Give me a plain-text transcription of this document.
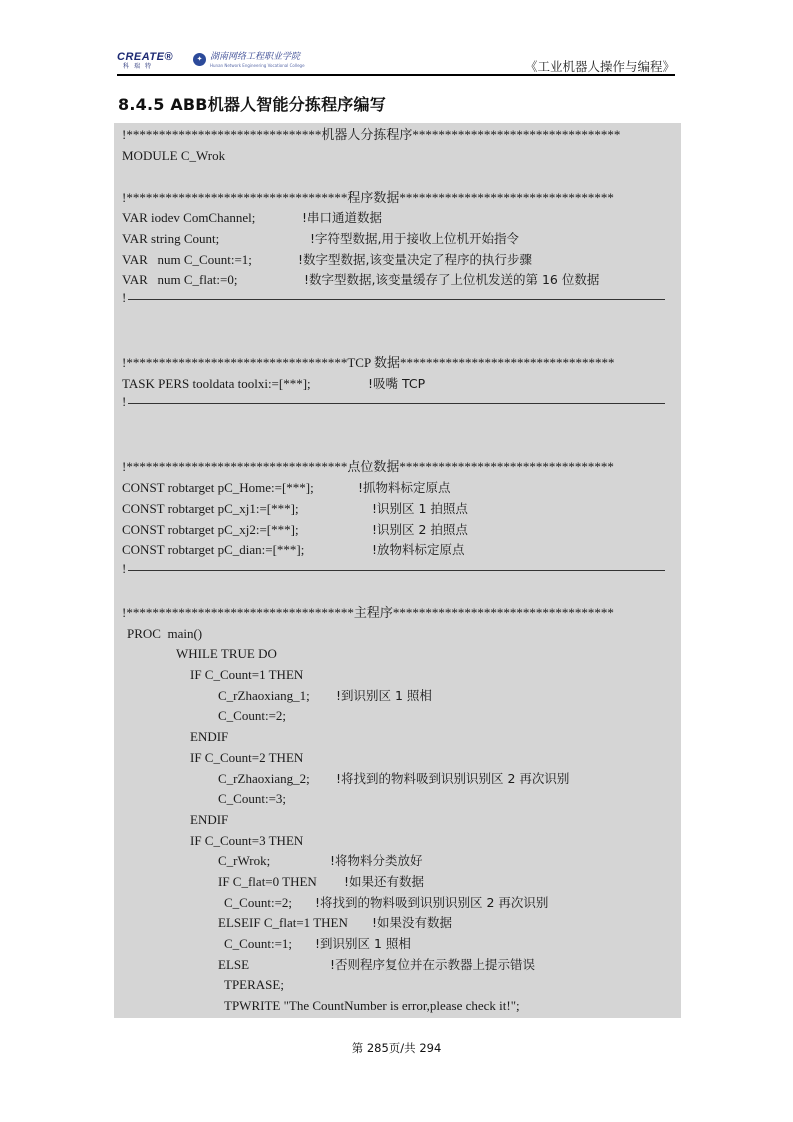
CREATE®
科瑞特
✦ 湖南网络工程职业学院
Hunan Network Engineering Vocational College	《工业机器人操作与编程》
8.4.5 ABB机器人智能分拣程序编写
!******************************机器人分拣程序********************************
MODULE C_Wrok
!**********************************程序数据*********************************
VAR iodev ComChannel;	!串口通道数据
VAR string Count;	!字符型数据,用于接收上位机开始指令
VAR   num C_Count:=1;	!数字型数据,该变量决定了程序的执行步骤
VAR   num C_flat:=0;	!数字型数据,该变量缓存了上位机发送的第 16 位数据
!
!**********************************TCP 数据*********************************
TASK PERS tooldata toolxi:=[***];	!吸嘴 TCP
!
!**********************************点位数据*********************************
CONST robtarget pC_Home:=[***];	!抓物料标定原点
CONST robtarget pC_xj1:=[***];	!识别区 1 拍照点
CONST robtarget pC_xj2:=[***];	!识别区 2 拍照点
CONST robtarget pC_dian:=[***];	!放物料标定原点
!
!***********************************主程序**********************************
PROC  main()
WHILE TRUE DO
IF C_Count=1 THEN
C_rZhaoxiang_1; !到识别区 1 照相
C_Count:=2;
ENDIF
IF C_Count=2 THEN
C_rZhaoxiang_2; !将找到的物料吸到识别识别区 2 再次识别
C_Count:=3;
ENDIF
IF C_Count=3 THEN
C_rWrok;	!将物料分类放好
IF C_flat=0 THEN !如果还有数据
C_Count:=2; !将找到的物料吸到识别识别区 2 再次识别
ELSEIF C_flat=1 THEN !如果没有数据
C_Count:=1; !到识别区 1 照相
ELSE	!否则程序复位并在示教器上提示错误
TPERASE;
TPWRITE "The CountNumber is error,please check it!";
第 285页/共 294
